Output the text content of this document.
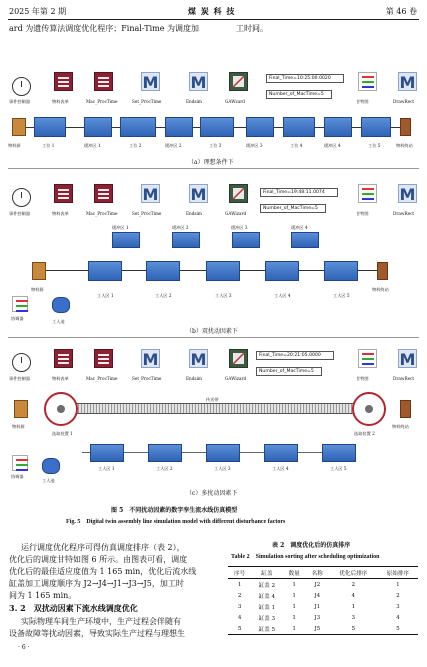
2025 年第 2 期	煤 炭 科 技	第 46 卷
ard 为遗传算法调度优化程序；Final-Time 为调度加	工时间。
M M	M
事件控制器	物料表单	Mac_ProcTime	Set_ProcTime	Endsim	GAWzard	甘特图	DrawRect
Final_Time=10:25:00.0020
Number_of_MacTime=5
物料源	工位 1	缓冲区 1	工位 2	缓冲区 2	工位 3	缓冲区 3	工位 4	缓冲区 4	工位 5	物料终站
（a）理想条件下
M M	M
事件控制器	物料表单	Mac_ProcTime	Set_ProcTime	Endsim	GAWizard	甘特图	DrawRect
Final_Time=19:48:11.0074
Number_of_MacTime=5
缓冲区 1	缓冲区 2	缓冲区 3	缓冲区 4
物料源
工人区 1	工人区 2	工人区 3	工人区 4	工人区 5
物料终站
协调器
工人池
（b）双扰动因素下
M M	M
事件控制器	物料表单	Mac_ProcTime	Set_ProcTime	Endsim	GAWizard	甘特图	DrawRect
Final_Time=20:21:05.0000
Number_of_MacTime=5
传送带
物料源	物料终站
选取装置 1	选取装置 2
工人区 1	工人区 2	工人区 3	工人区 4	工人区 5
协调器
工人池
（c）多扰动因素下
图 5　不同扰动因素的数字孪生流水线仿真模型
Fig. 5　Digital twin assembly line simulation model with different disturbance factors
运行调度优化程序可得仿真调度排序（表 2），
优化后的调度甘特如图 6 所示。由图表可看，调度
优化后的最佳适应度值为 1 165 min，优化后流水线
缸盖加工调度顺序为 J2→J4→J1→J3→J5，加工时
间为 1 165 min。
3. 2　双扰动因素下流水线调度优化
实际物理车间生产环境中，生产过程会伴随有
设备故障等扰动因素，导致实际生产过程与理想生
· 6 ·
表 2　调度优化后的仿真排序
Table 2　Simulation sorting after scheduling optimization
序号	缸盖	数量	名称	优化后排序	原始排序
1	缸盖 2	1	J2	2	1
2	缸盖 4	1	J4	4	2
3	缸盖 1	1	J1	1	3
4	缸盖 3	1	J3	3	4
5	缸盖 5	1	J5	5	5
